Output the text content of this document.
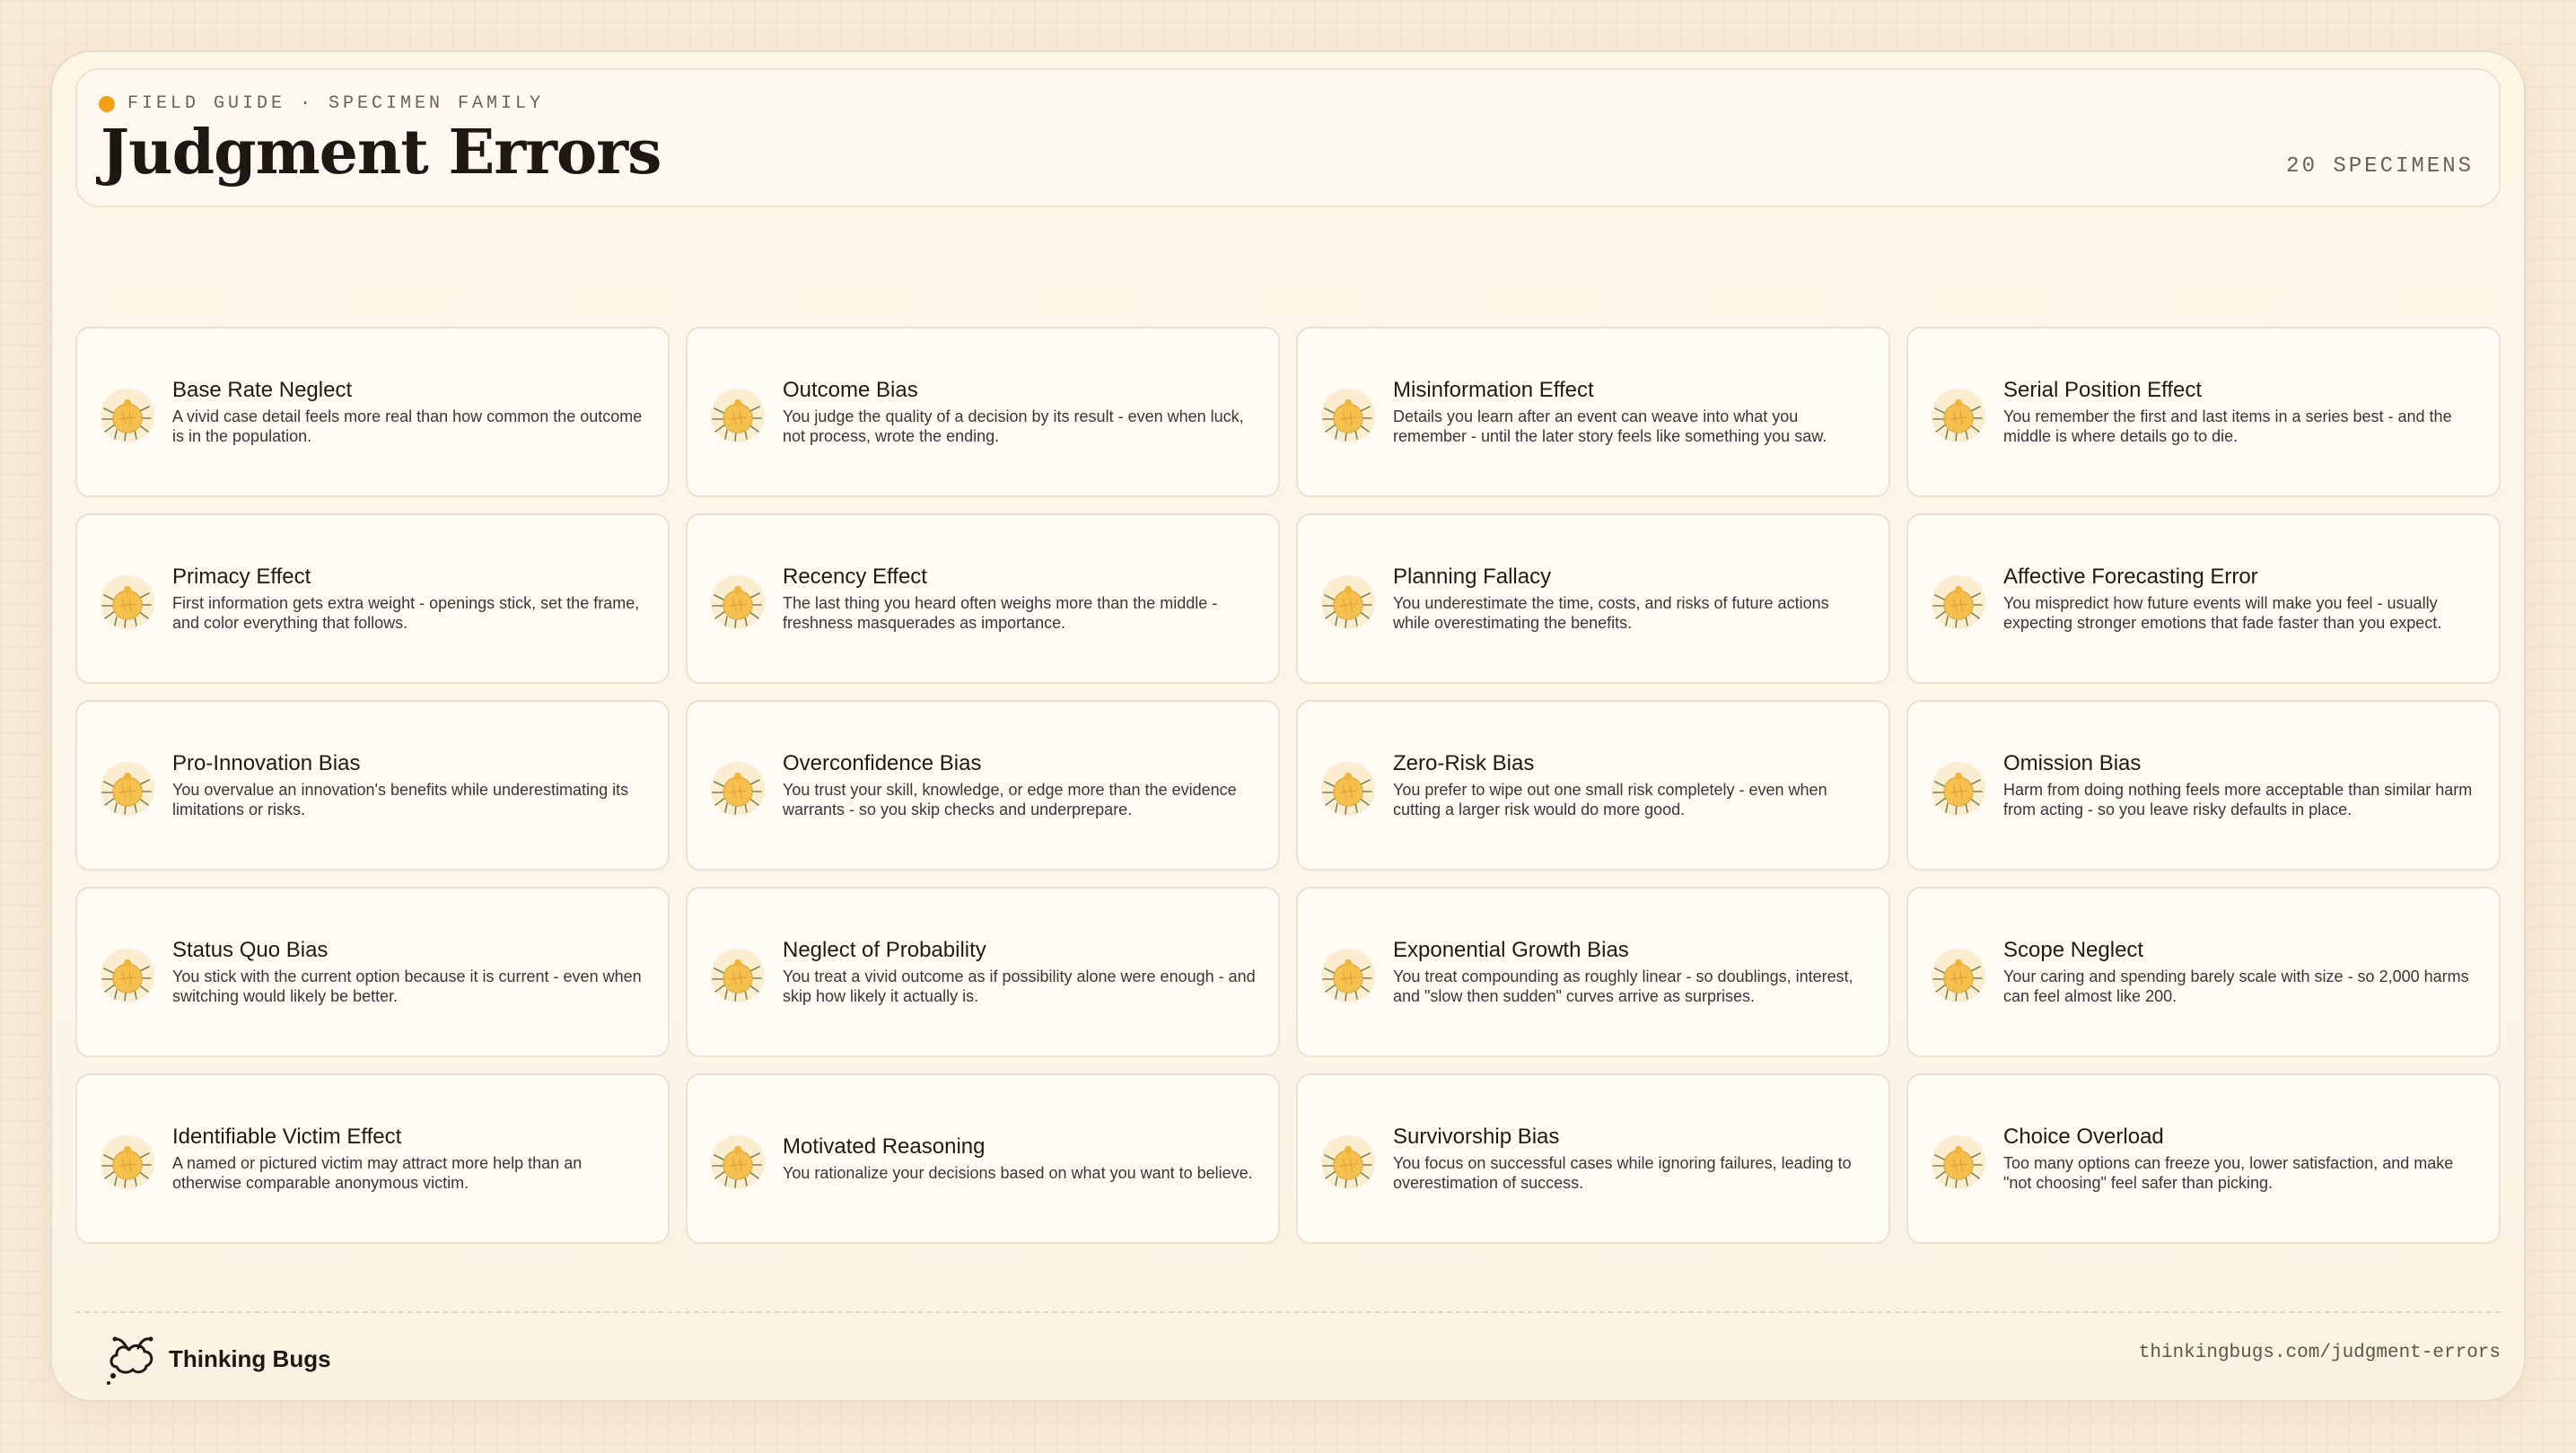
FIELD GUIDE · SPECIMEN FAMILY
Judgment Errors	20 SPECIMENS
Base Rate Neglect
A vivid case detail feels more real than how common the outcome is in the population.
Outcome Bias
You judge the quality of a decision by its result - even when luck, not process, wrote the ending.
Misinformation Effect
Details you learn after an event can weave into what you remember - until the later story feels like something you saw.
Serial Position Effect
You remember the first and last items in a series best - and the middle is where details go to die.
Primacy Effect
First information gets extra weight - openings stick, set the frame, and color everything that follows.
Recency Effect
The last thing you heard often weighs more than the middle - freshness masquerades as importance.
Planning Fallacy
You underestimate the time, costs, and risks of future actions while overestimating the benefits.
Affective Forecasting Error
You mispredict how future events will make you feel - usually expecting stronger emotions that fade faster than you expect.
Pro-Innovation Bias
You overvalue an innovation's benefits while underestimating its limitations or risks.
Overconfidence Bias
You trust your skill, knowledge, or edge more than the evidence warrants - so you skip checks and underprepare.
Zero-Risk Bias
You prefer to wipe out one small risk completely - even when cutting a larger risk would do more good.
Omission Bias
Harm from doing nothing feels more acceptable than similar harm from acting - so you leave risky defaults in place.
Status Quo Bias
You stick with the current option because it is current - even when switching would likely be better.
Neglect of Probability
You treat a vivid outcome as if possibility alone were enough - and skip how likely it actually is.
Exponential Growth Bias
You treat compounding as roughly linear - so doublings, interest, and "slow then sudden" curves arrive as surprises.
Scope Neglect
Your caring and spending barely scale with size - so 2,000 harms can feel almost like 200.
Identifiable Victim Effect
A named or pictured victim may attract more help than an otherwise comparable anonymous victim.
Motivated Reasoning
You rationalize your decisions based on what you want to believe.
Survivorship Bias
You focus on successful cases while ignoring failures, leading to overestimation of success.
Choice Overload
Too many options can freeze you, lower satisfaction, and make "not choosing" feel safer than picking.
Thinking Bugs	thinkingbugs.com/judgment-errors
